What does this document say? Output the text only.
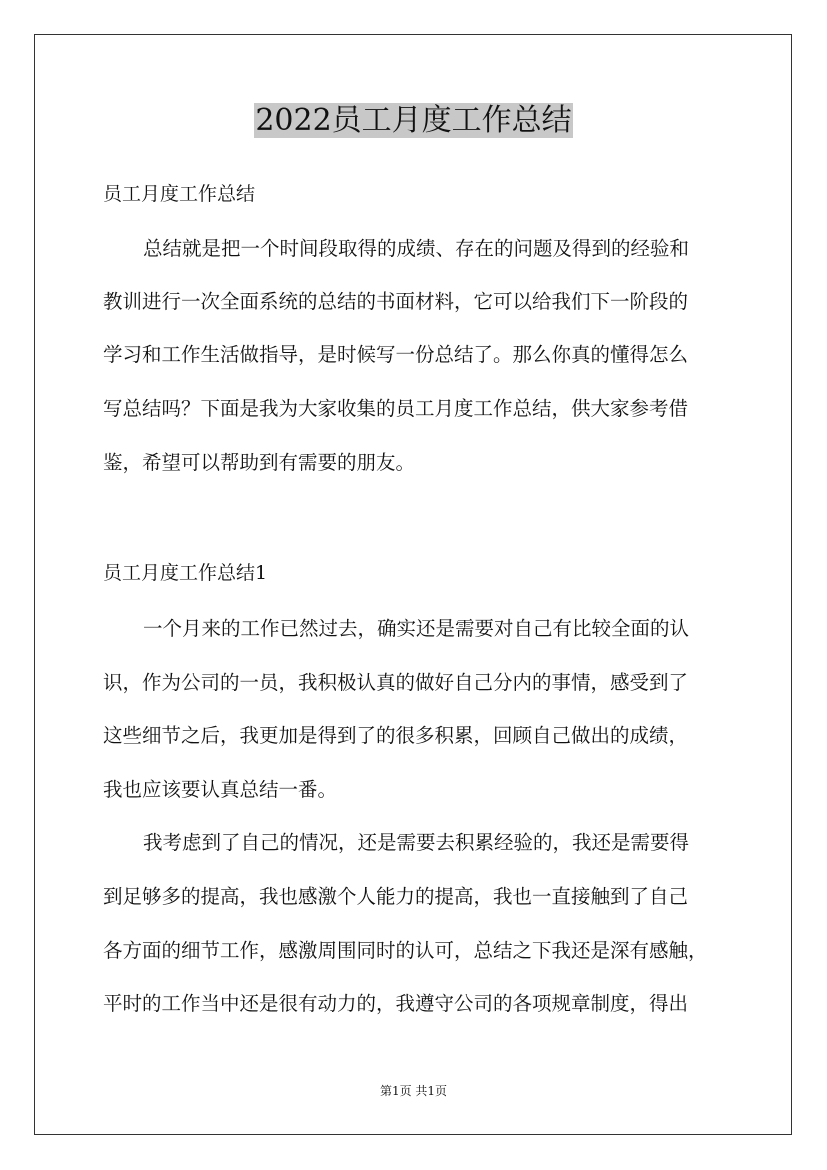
2022员工月度工作总结
员工月度工作总结
总结就是把一个时间段取得的成绩、存在的问题及得到的经验和
教训进行一次全面系统的总结的书面材料，它可以给我们下一阶段的
学习和工作生活做指导，是时候写一份总结了。那么你真的懂得怎么
写总结吗？下面是我为大家收集的员工月度工作总结，供大家参考借
鉴，希望可以帮助到有需要的朋友。
员工月度工作总结1
一个月来的工作已然过去，确实还是需要对自己有比较全面的认
识，作为公司的一员，我积极认真的做好自己分内的事情，感受到了
这些细节之后，我更加是得到了的很多积累，回顾自己做出的成绩，
我也应该要认真总结一番。
我考虑到了自己的情况，还是需要去积累经验的，我还是需要得
到足够多的提高，我也感激个人能力的提高，我也一直接触到了自己
各方面的细节工作，感激周围同时的认可，总结之下我还是深有感触，
平时的工作当中还是很有动力的，我遵守公司的各项规章制度，得出
第1页 共1页
